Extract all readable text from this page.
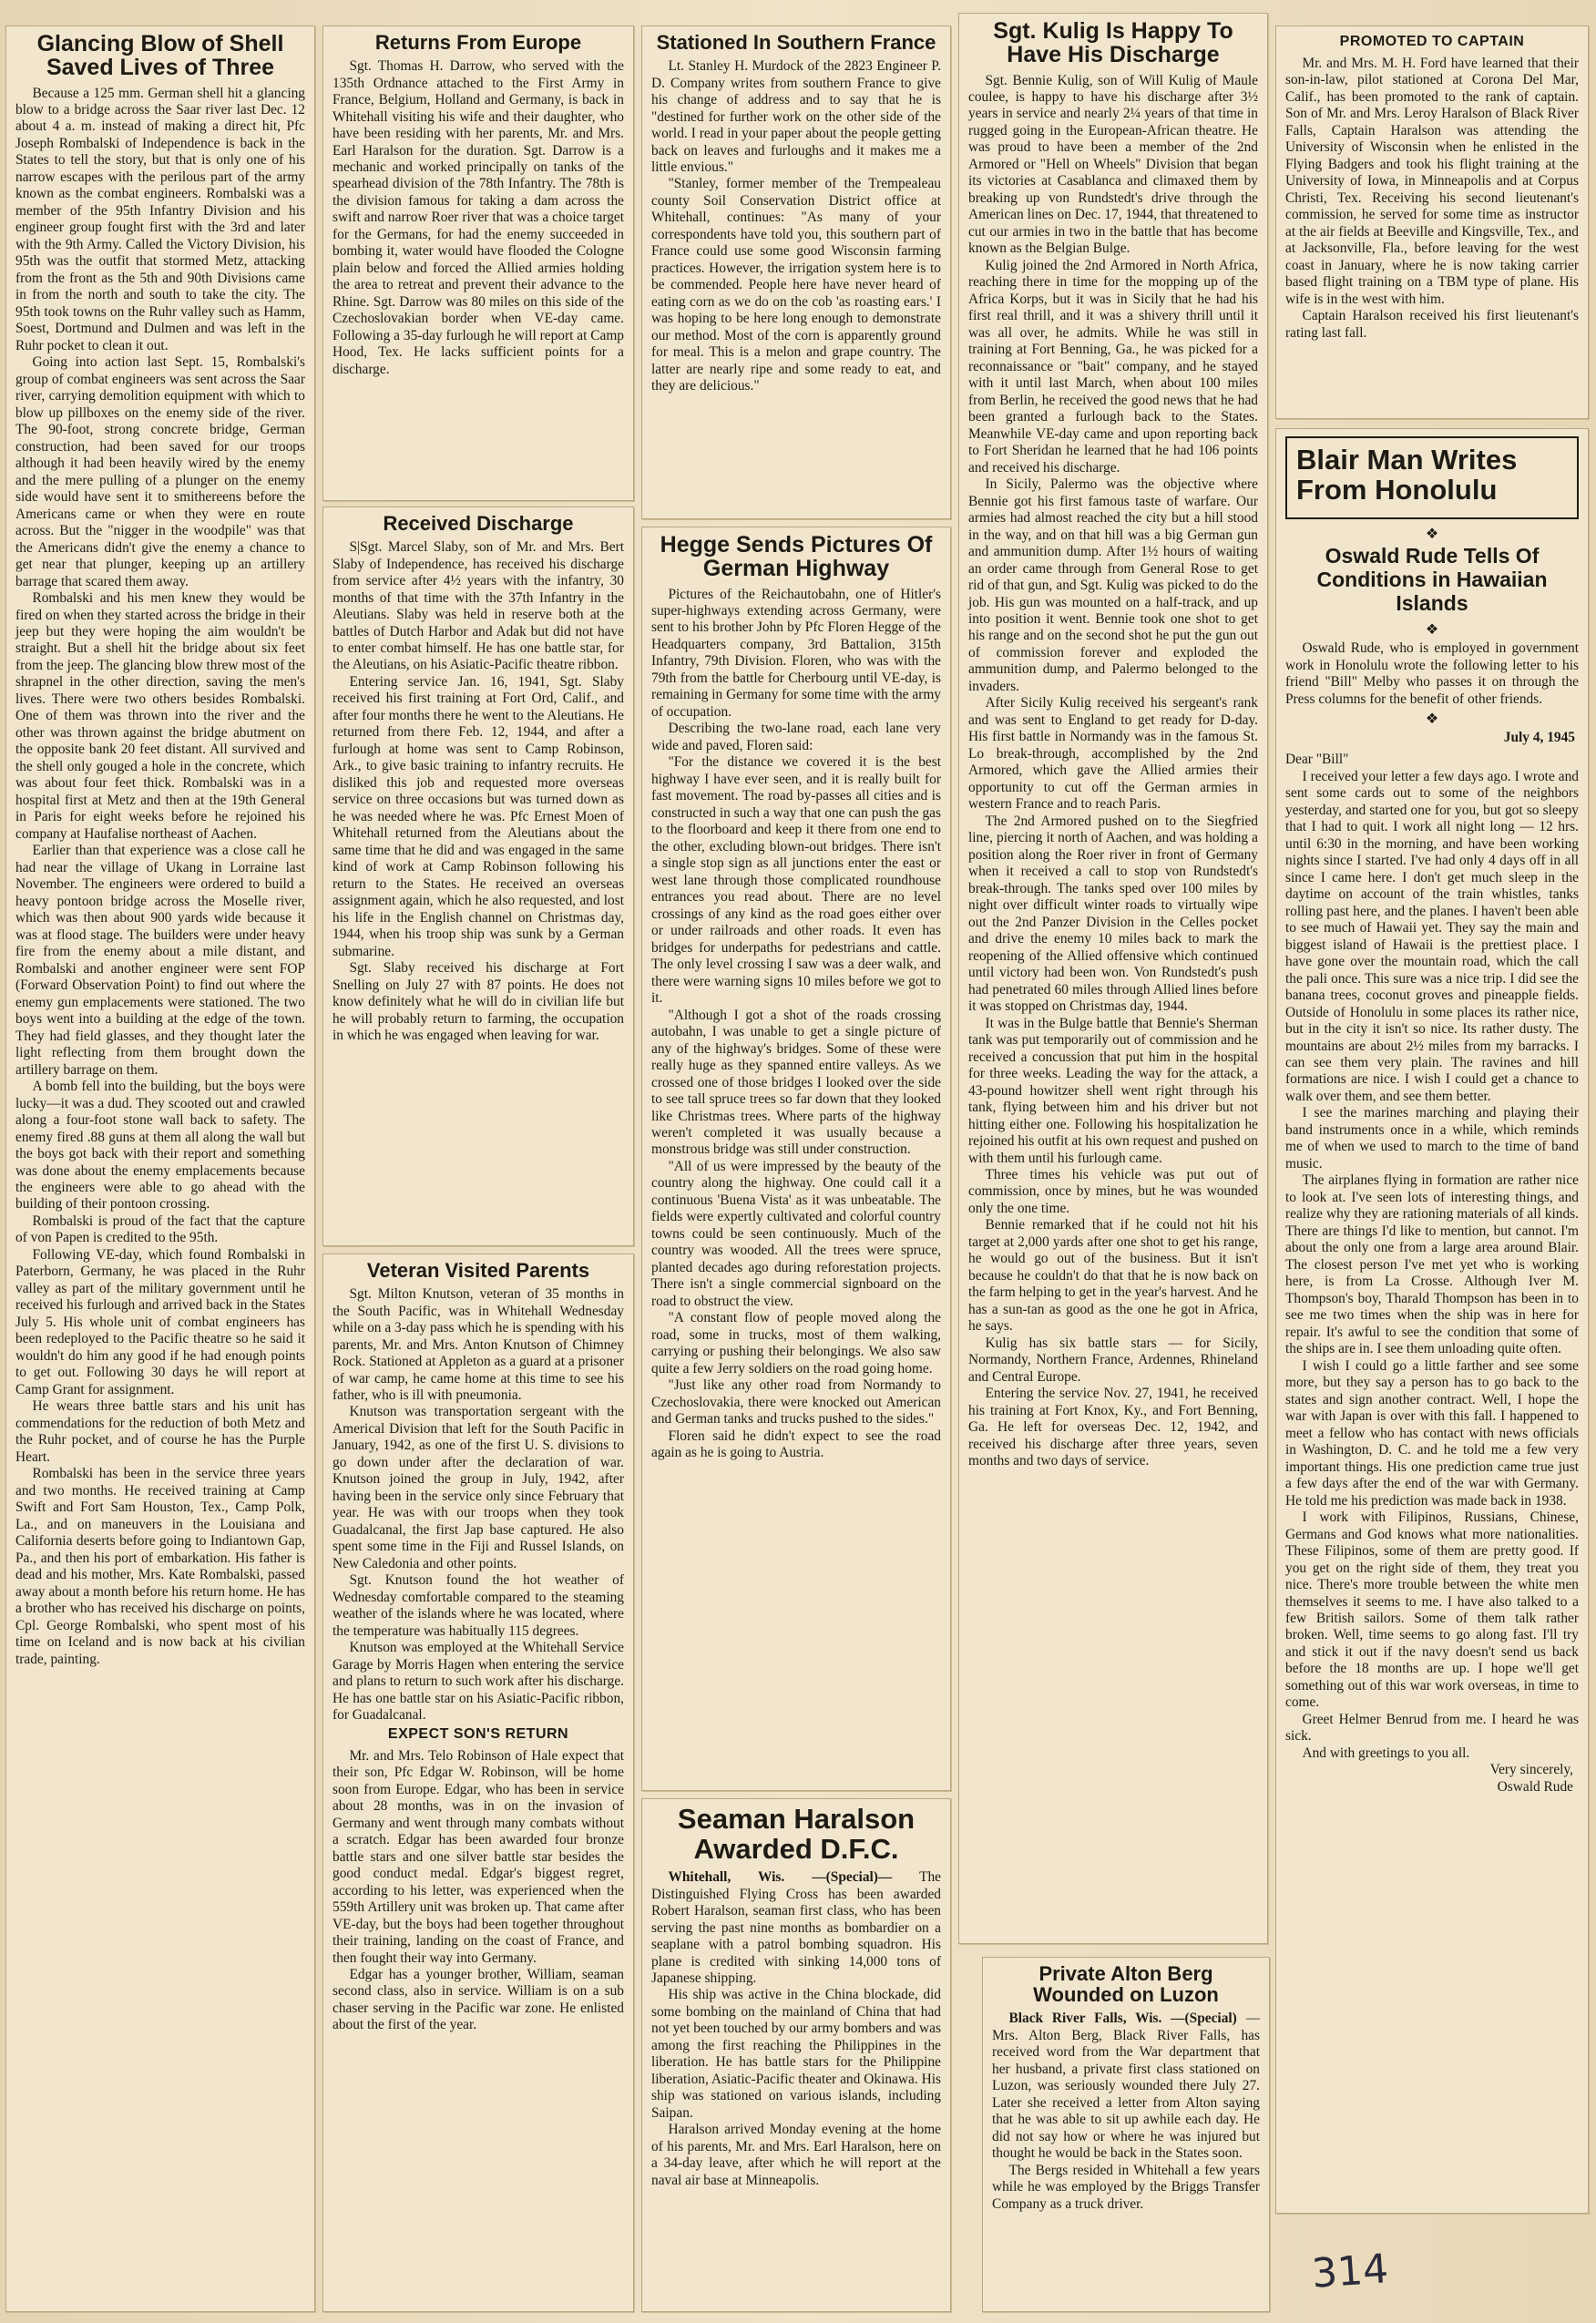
Glancing Blow of Shell Saved Lives of Three

Because a 125 mm. German shell hit a glancing blow to a bridge across the Saar river last Dec. 12 about 4 a. m. instead of making a direct hit, Pfc Joseph Rombalski of Independence is back in the States to tell the story, but that is only one of his narrow escapes with the perilous part of the army known as the combat engineers. Rombalski was a member of the 95th Infantry Division and his engineer group fought first with the 3rd and later with the 9th Army. Called the Victory Division, his 95th was the outfit that stormed Metz, attacking from the front as the 5th and 90th Divisions came in from the north and south to take the city. The 95th took towns on the Ruhr valley such as Hamm, Soest, Dortmund and Dulmen and was left in the Ruhr pocket to clean it out.

Going into action last Sept. 15, Rombalski's group of combat engineers was sent across the Saar river, carrying demolition equipment with which to blow up pillboxes on the enemy side of the river. The 90-foot, strong concrete bridge, German construction, had been saved for our troops although it had been heavily wired by the enemy and the mere pulling of a plunger on the enemy side would have sent it to smithereens before the Americans came or when they were en route across. But the "nigger in the woodpile" was that the Americans didn't give the enemy a chance to get near that plunger, keeping up an artillery barrage that scared them away.

Rombalski and his men knew they would be fired on when they started across the bridge in their jeep but they were hoping the aim wouldn't be straight. But a shell hit the bridge about six feet from the jeep. The glancing blow threw most of the shrapnel in the other direction, saving the men's lives. There were two others besides Rombalski. One of them was thrown into the river and the other was thrown against the bridge abutment on the opposite bank 20 feet distant. All survived and the shell only gouged a hole in the concrete, which was about four feet thick. Rombalski was in a hospital first at Metz and then at the 19th General in Paris for eight weeks before he rejoined his company at Haufalise northeast of Aachen.

Earlier than that experience was a close call he had near the village of Ukang in Lorraine last November. The engineers were ordered to build a heavy pontoon bridge across the Moselle river, which was then about 900 yards wide because it was at flood stage. The builders were under heavy fire from the enemy about a mile distant, and Rombalski and another engineer were sent FOP (Forward Observation Point) to find out where the enemy gun emplacements were stationed. The two boys went into a building at the edge of the town. They had field glasses, and they thought later the light reflecting from them brought down the artillery barrage on them.

A bomb fell into the building, but the boys were lucky—it was a dud. They scooted out and crawled along a four-foot stone wall back to safety. The enemy fired .88 guns at them all along the wall but the boys got back with their report and something was done about the enemy emplacements because the engineers were able to go ahead with the building of their pontoon crossing.

Rombalski is proud of the fact that the capture of von Papen is credited to the 95th.

Following VE-day, which found Rombalski in Paterborn, Germany, he was placed in the Ruhr valley as part of the military government until he received his furlough and arrived back in the States July 5. His whole unit of combat engineers has been redeployed to the Pacific theatre so he said it wouldn't do him any good if he had enough points to get out. Following 30 days he will report at Camp Grant for assignment.

He wears three battle stars and his unit has commendations for the reduction of both Metz and the Ruhr pocket, and of course he has the Purple Heart.

Rombalski has been in the service three years and two months. He received training at Camp Swift and Fort Sam Houston, Tex., Camp Polk, La., and on maneuvers in the Louisiana and California deserts before going to Indiantown Gap, Pa., and then his port of embarkation. His father is dead and his mother, Mrs. Kate Rombalski, passed away about a month before his return home. He has a brother who has received his discharge on points, Cpl. George Rombalski, who spent most of his time on Iceland and is now back at his civilian trade, painting.

Returns From Europe

Sgt. Thomas H. Darrow, who served with the 135th Ordnance attached to the First Army in France, Belgium, Holland and Germany, is back in Whitehall visiting his wife and their daughter, who have been residing with her parents, Mr. and Mrs. Earl Haralson for the duration. Sgt. Darrow is a mechanic and worked principally on tanks of the spearhead division of the 78th Infantry. The 78th is the division famous for taking a dam across the swift and narrow Roer river that was a choice target for the Germans, for had the enemy succeeded in bombing it, water would have flooded the Cologne plain below and forced the Allied armies holding the area to retreat and prevent their advance to the Rhine. Sgt. Darrow was 80 miles on this side of the Czechoslovakian border when VE-day came. Following a 35-day furlough he will report at Camp Hood, Tex. He lacks sufficient points for a discharge.

Received Discharge

S|Sgt. Marcel Slaby, son of Mr. and Mrs. Bert Slaby of Independence, has received his discharge from service after 4½ years with the infantry, 30 months of that time with the 37th Infantry in the Aleutians. Slaby was held in reserve both at the battles of Dutch Harbor and Adak but did not have to enter combat himself. He has one battle star, for the Aleutians, on his Asiatic-Pacific theatre ribbon.

Entering service Jan. 16, 1941, Sgt. Slaby received his first training at Fort Ord, Calif., and after four months there he went to the Aleutians. He returned from there Feb. 12, 1944, and after a furlough at home was sent to Camp Robinson, Ark., to give basic training to infantry recruits. He disliked this job and requested more overseas service on three occasions but was turned down as he was needed where he was. Pfc Ernest Moen of Whitehall returned from the Aleutians about the same time that he did and was engaged in the same kind of work at Camp Robinson following his return to the States. He received an overseas assignment again, which he also requested, and lost his life in the English channel on Christmas day, 1944, when his troop ship was sunk by a German submarine.

Sgt. Slaby received his discharge at Fort Snelling on July 27 with 87 points. He does not know definitely what he will do in civilian life but he will probably return to farming, the occupation in which he was engaged when leaving for war.

Veteran Visited Parents

Sgt. Milton Knutson, veteran of 35 months in the South Pacific, was in Whitehall Wednesday while on a 3-day pass which he is spending with his parents, Mr. and Mrs. Anton Knutson of Chimney Rock. Stationed at Appleton as a guard at a prisoner of war camp, he came home at this time to see his father, who is ill with pneumonia.

Knutson was transportation sergeant with the Americal Division that left for the South Pacific in January, 1942, as one of the first U. S. divisions to go down under after the declaration of war. Knutson joined the group in July, 1942, after having been in the service only since February that year. He was with our troops when they took Guadalcanal, the first Jap base captured. He also spent some time in the Fiji and Russel Islands, on New Caledonia and other points.

Sgt. Knutson found the hot weather of Wednesday comfortable compared to the steaming weather of the islands where he was located, where the temperature was habitually 115 degrees.

Knutson was employed at the Whitehall Service Garage by Morris Hagen when entering the service and plans to return to such work after his discharge. He has one battle star on his Asiatic-Pacific ribbon, for Guadalcanal.

EXPECT SON'S RETURN

Mr. and Mrs. Telo Robinson of Hale expect that their son, Pfc Edgar W. Robinson, will be home soon from Europe. Edgar, who has been in service about 28 months, was in on the invasion of Germany and went through many combats without a scratch. Edgar has been awarded four bronze battle stars and one silver battle star besides the good conduct medal. Edgar's biggest regret, according to his letter, was experienced when the 559th Artillery unit was broken up. That came after VE-day, but the boys had been together throughout their training, landing on the coast of France, and then fought their way into Germany.

Edgar has a younger brother, William, seaman second class, also in service. William is on a sub chaser serving in the Pacific war zone. He enlisted about the first of the year.

Stationed In Southern France

Lt. Stanley H. Murdock of the 2823 Engineer P. D. Company writes from southern France to give his change of address and to say that he is "destined for further work on the other side of the world. I read in your paper about the people getting back on leaves and furloughs and it makes me a little envious."

"Stanley, former member of the Trempealeau county Soil Conservation District office at Whitehall, continues: "As many of your correspondents have told you, this southern part of France could use some good Wisconsin farming practices. However, the irrigation system here is to be commended. People here have never heard of eating corn as we do on the cob 'as roasting ears.' I was hoping to be here long enough to demonstrate our method. Most of the corn is apparently ground for meal. This is a melon and grape country. The latter are nearly ripe and some ready to eat, and they are delicious."

Hegge Sends Pictures Of German Highway

Pictures of the Reichautobahn, one of Hitler's super-highways extending across Germany, were sent to his brother John by Pfc Floren Hegge of the Headquarters company, 3rd Battalion, 315th Infantry, 79th Division. Floren, who was with the 79th from the battle for Cherbourg until VE-day, is remaining in Germany for some time with the army of occupation.

Describing the two-lane road, each lane very wide and paved, Floren said:

"For the distance we covered it is the best highway I have ever seen, and it is really built for fast movement. The road by-passes all cities and is constructed in such a way that one can push the gas to the floorboard and keep it there from one end to the other, excluding blown-out bridges. There isn't a single stop sign as all junctions enter the east or west lane through those complicated roundhouse entrances you read about. There are no level crossings of any kind as the road goes either over or under railroads and other roads. It even has bridges for underpaths for pedestrians and cattle. The only level crossing I saw was a deer walk, and there were warning signs 10 miles before we got to it.

"Although I got a shot of the roads crossing autobahn, I was unable to get a single picture of any of the highway's bridges. Some of these were really huge as they spanned entire valleys. As we crossed one of those bridges I looked over the side to see tall spruce trees so far down that they looked like Christmas trees. Where parts of the highway weren't completed it was usually because a monstrous bridge was still under construction.

"All of us were impressed by the beauty of the country along the highway. One could call it a continuous 'Buena Vista' as it was unbeatable. The fields were expertly cultivated and colorful country towns could be seen continuously. Much of the country was wooded. All the trees were spruce, planted decades ago during reforestation projects. There isn't a single commercial signboard on the road to obstruct the view.

"A constant flow of people moved along the road, some in trucks, most of them walking, carrying or pushing their belongings. We also saw quite a few Jerry soldiers on the road going home.

"Just like any other road from Normandy to Czechoslovakia, there were knocked out American and German tanks and trucks pushed to the sides."

Floren said he didn't expect to see the road again as he is going to Austria.

Seaman Haralson Awarded D.F.C.

Whitehall, Wis. —(Special)— The Distinguished Flying Cross has been awarded Robert Haralson, seaman first class, who has been serving the past nine months as bombardier on a seaplane with a patrol bombing squadron. His plane is credited with sinking 14,000 tons of Japanese shipping.

His ship was active in the China blockade, did some bombing on the mainland of China that had not yet been touched by our army bombers and was among the first reaching the Philippines in the liberation. He has battle stars for the Philippine liberation, Asiatic-Pacific theater and Okinawa. His ship was stationed on various islands, including Saipan.

Haralson arrived Monday evening at the home of his parents, Mr. and Mrs. Earl Haralson, here on a 34-day leave, after which he will report at the naval air base at Minneapolis.

Sgt. Kulig Is Happy To Have His Discharge

Sgt. Bennie Kulig, son of Will Kulig of Maule coulee, is happy to have his discharge after 3½ years in service and nearly 2¼ years of that time in rugged going in the European-African theatre. He was proud to have been a member of the 2nd Armored or "Hell on Wheels" Division that began its victories at Casablanca and climaxed them by breaking up von Rundstedt's drive through the American lines on Dec. 17, 1944, that threatened to cut our armies in two in the battle that has become known as the Belgian Bulge.

Kulig joined the 2nd Armored in North Africa, reaching there in time for the mopping up of the Africa Korps, but it was in Sicily that he had his first real thrill, and it was a shivery thrill until it was all over, he admits. While he was still in training at Fort Benning, Ga., he was picked for a reconnaissance or "bait" company, and he stayed with it until last March, when about 100 miles from Berlin, he received the good news that he had been granted a furlough back to the States. Meanwhile VE-day came and upon reporting back to Fort Sheridan he learned that he had 106 points and received his discharge.

In Sicily, Palermo was the objective where Bennie got his first famous taste of warfare. Our armies had almost reached the city but a hill stood in the way, and on that hill was a big German gun and ammunition dump. After 1½ hours of waiting an order came through from General Rose to get rid of that gun, and Sgt. Kulig was picked to do the job. His gun was mounted on a half-track, and up into position it went. Bennie took one shot to get his range and on the second shot he put the gun out of commission forever and exploded the ammunition dump, and Palermo belonged to the invaders.

After Sicily Kulig received his sergeant's rank and was sent to England to get ready for D-day. His first battle in Normandy was in the famous St. Lo break-through, accomplished by the 2nd Armored, which gave the Allied armies their opportunity to cut off the German armies in western France and to reach Paris.

The 2nd Armored pushed on to the Siegfried line, piercing it north of Aachen, and was holding a position along the Roer river in front of Germany when it received a call to stop von Rundstedt's break-through. The tanks sped over 100 miles by night over difficult winter roads to virtually wipe out the 2nd Panzer Division in the Celles pocket and drive the enemy 10 miles back to mark the reopening of the Allied offensive which continued until victory had been won. Von Rundstedt's push had penetrated 60 miles through Allied lines before it was stopped on Christmas day, 1944.

It was in the Bulge battle that Bennie's Sherman tank was put temporarily out of commission and he received a concussion that put him in the hospital for three weeks. Leading the way for the attack, a 43-pound howitzer shell went right through his tank, flying between him and his driver but not hitting either one. Following his hospitalization he rejoined his outfit at his own request and pushed on with them until his furlough came.

Three times his vehicle was put out of commission, once by mines, but he was wounded only the one time.

Bennie remarked that if he could not hit his target at 2,000 yards after one shot to get his range, he would go out of the business. But it isn't because he couldn't do that that he is now back on the farm helping to get in the year's harvest. And he has a sun-tan as good as the one he got in Africa, he says.

Kulig has six battle stars — for Sicily, Normandy, Northern France, Ardennes, Rhineland and Central Europe.

Entering the service Nov. 27, 1941, he received his training at Fort Knox, Ky., and Fort Benning, Ga. He left for overseas Dec. 12, 1942, and received his discharge after three years, seven months and two days of service.

Private Alton Berg Wounded on Luzon

Black River Falls, Wis. —(Special) — Mrs. Alton Berg, Black River Falls, has received word from the War department that her husband, a private first class stationed on Luzon, was seriously wounded there July 27. Later she received a letter from Alton saying that he was able to sit up awhile each day. He did not say how or where he was injured but thought he would be back in the States soon.

The Bergs resided in Whitehall a few years while he was employed by the Briggs Transfer Company as a truck driver.

PROMOTED TO CAPTAIN

Mr. and Mrs. M. H. Ford have learned that their son-in-law, pilot stationed at Corona Del Mar, Calif., has been promoted to the rank of captain. Son of Mr. and Mrs. Leroy Haralson of Black River Falls, Captain Haralson was attending the University of Wisconsin when he enlisted in the Flying Badgers and took his flight training at the University of Iowa, in Minneapolis and at Corpus Christi, Tex. Receiving his second lieutenant's commission, he served for some time as instructor at the air fields at Beeville and Kingsville, Tex., and at Jacksonville, Fla., before leaving for the west coast in January, where he is now taking carrier based flight training on a TBM type of plane. His wife is in the west with him.

Captain Haralson received his first lieutenant's rating last fall.

Blair Man Writes From Honolulu
❖
Oswald Rude Tells Of Conditions in Hawaiian Islands
❖

Oswald Rude, who is employed in government work in Honolulu wrote the following letter to his friend "Bill" Melby who passes it on through the Press columns for the benefit of other friends.

❖
July 4, 1945

Dear "Bill"

I received your letter a few days ago. I wrote and sent some cards out to some of the neighbors yesterday, and started one for you, but got so sleepy that I had to quit. I work all night long — 12 hrs. until 6:30 in the morning, and have been working nights since I started. I've had only 4 days off in all since I came here. I don't get much sleep in the daytime on account of the train whistles, tanks rolling past here, and the planes. I haven't been able to see much of Hawaii yet. They say the main and biggest island of Hawaii is the prettiest place. I have gone over the mountain road, which the call the pali once. This sure was a nice trip. I did see the banana trees, coconut groves and pineapple fields. Outside of Honolulu in some places its rather nice, but in the city it isn't so nice. Its rather dusty. The mountains are about 2½ miles from my barracks. I can see them very plain. The ravines and hill formations are nice. I wish I could get a chance to walk over them, and see them better.

I see the marines marching and playing their band instruments once in a while, which reminds me of when we used to march to the time of band music.

The airplanes flying in formation are rather nice to look at. I've seen lots of interesting things, and realize why they are rationing materials of all kinds. There are things I'd like to mention, but cannot. I'm about the only one from a large area around Blair. The closest person I've met yet who is working here, is from La Crosse. Although Iver M. Thompson's boy, Tharald Thompson has been in to see me two times when the ship was in here for repair. It's awful to see the condition that some of the ships are in. I see them unloading quite often.

I wish I could go a little farther and see some more, but they say a person has to go back to the states and sign another contract. Well, I hope the war with Japan is over with this fall. I happened to meet a fellow who has contact with news officials in Washington, D. C. and he told me a few very important things. His one prediction came true just a few days after the end of the war with Germany. He told me his prediction was made back in 1938.

I work with Filipinos, Russians, Chinese, Germans and God knows what more nationalities. These Filipinos, some of them are pretty good. If you get on the right side of them, they treat you nice. There's more trouble between the white men themselves it seems to me. I have also talked to a few British sailors. Some of them talk rather broken. Well, time seems to go along fast. I'll try and stick it out if the navy doesn't send us back before the 18 months are up. I hope we'll get something out of this war work overseas, in time to come.

Greet Helmer Benrud from me. I heard he was sick.

And with greetings to you all.

Very sincerely,
Oswald Rude
314
